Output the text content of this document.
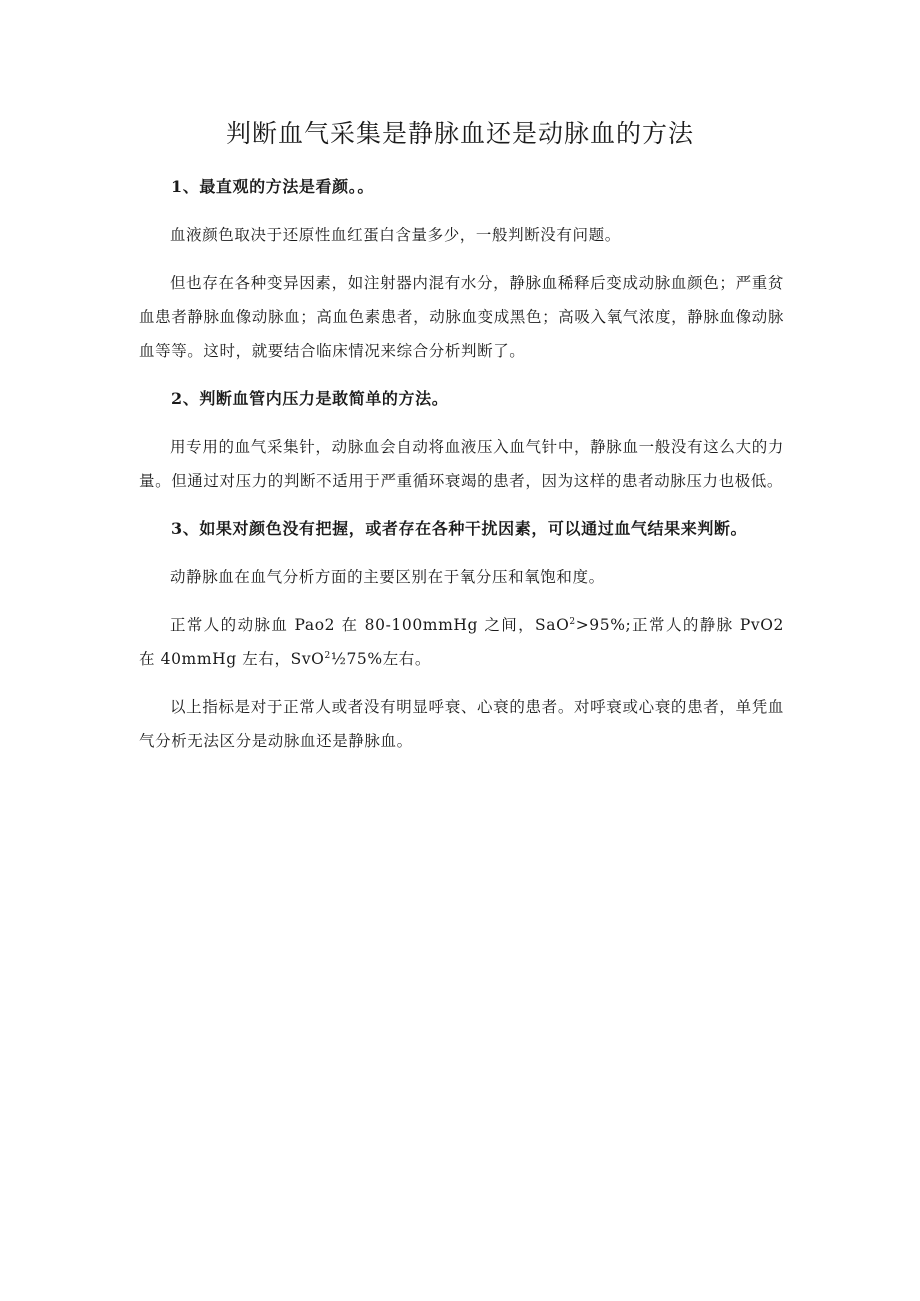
判断血气采集是静脉血还是动脉血的方法

1、最直观的方法是看颜。。

血液颜色取决于还原性血红蛋白含量多少，一般判断没有问题。

但也存在各种变异因素，如注射器内混有水分，静脉血稀释后变成动脉血颜色；严重贫血患者静脉血像动脉血；高血色素患者，动脉血变成黑色；高吸入氧气浓度，静脉血像动脉血等等。这时，就要结合临床情况来综合分析判断了。

2、判断血管内压力是敢简单的方法。

用专用的血气采集针，动脉血会自动将血液压入血气针中，静脉血一般没有这么大的力量。但通过对压力的判断不适用于严重循环衰竭的患者，因为这样的患者动脉压力也极低。

3、如果对颜色没有把握，或者存在各种干扰因素，可以通过血气结果来判断。

动静脉血在血气分析方面的主要区别在于氧分压和氧饱和度。

正常人的动脉血 Pao2 在 80-100mmHg 之间，SaO$^2$>95%;正常人的静脉 PvO2 在 40mmHg 左右，SvO$^2$½75%左右。

以上指标是对于正常人或者没有明显呼衰、心衰的患者。对呼衰或心衰的患者，单凭血气分析无法区分是动脉血还是静脉血。
